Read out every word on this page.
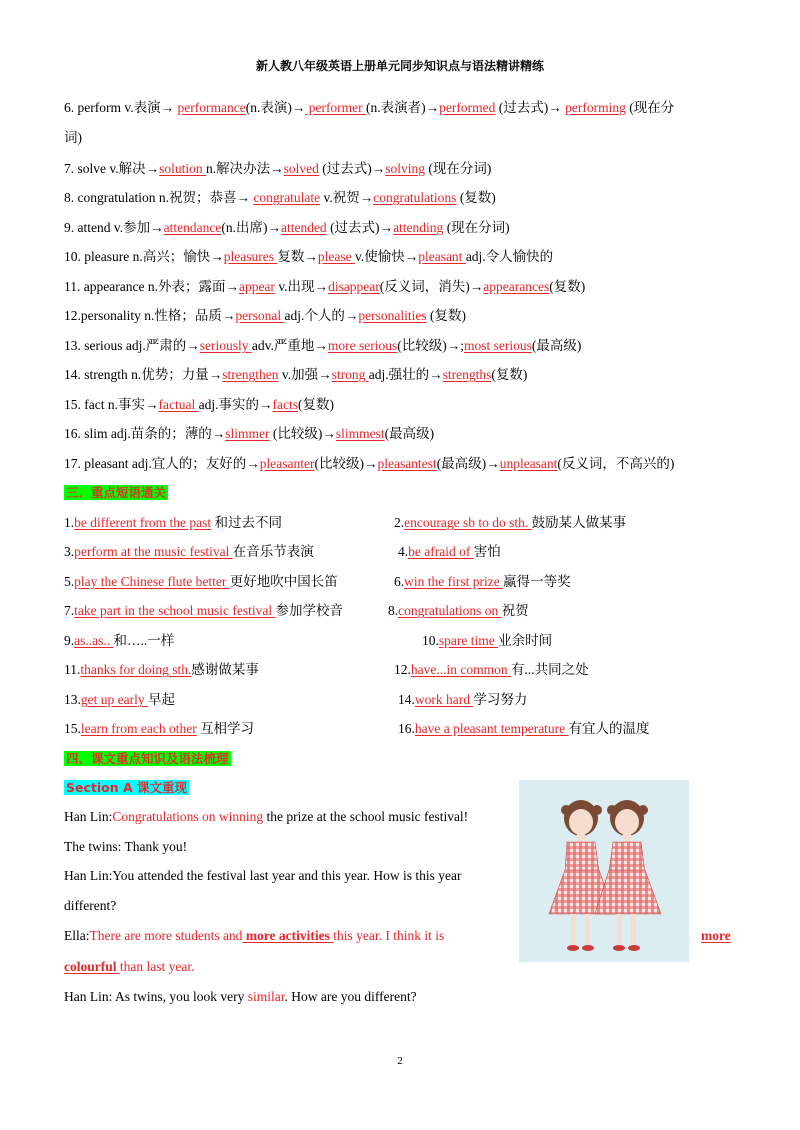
新人教八年级英语上册单元同步知识点与语法精讲精练
6. perform v.表演→ performance(n.表演)→ performer (n.表演者)→performed (过去式)→ performing (现在分
词)
7. solve v.解决→solution n.解决办法→solved (过去式)→solving (现在分词)
8. congratulation n.祝贺；恭喜→ congratulate v.祝贺→congratulations (复数)
9. attend v.参加→attendance(n.出席)→attended (过去式)→attending (现在分词)
10. pleasure n.高兴；愉快→pleasures 复数→please v.使愉快→pleasant adj.令人愉快的
11. appearance n.外表；露面→appear v.出现→disappear(反义词，消失)→appearances(复数)
12.personality n.性格；品质→personal adj.个人的→personalities (复数)
13. serious adj.严肃的→seriously adv.严重地→more serious(比较级)→;most serious(最高级)
14. strength n.优势；力量→strengthen v.加强→strong adj.强壮的→strengths(复数)
15. fact n.事实→factual adj.事实的→facts(复数)
16. slim adj.苗条的；薄的→slimmer (比较级)→slimmest(最高级)
17. pleasant adj.宜人的；友好的→pleasanter(比较级)→pleasantest(最高级)→unpleasant(反义词，不高兴的)
三．重点短语通关
1.be different from the past 和过去不同	2.encourage sb to do sth. 鼓励某人做某事
3.perform at the music festival 在音乐节表演	4.be afraid of 害怕
5.play the Chinese flute better 更好地吹中国长笛	6.win the first prize 赢得一等奖
7.take part in the school music festival 参加学校音	8.congratulations on 祝贺
9.as..as.. 和…..一样	10.spare time 业余时间
11.thanks for doing sth.感谢做某事	12.have...in common 有...共同之处
13.get up early 早起	14.work hard 学习努力
15.learn from each other 互相学习	16.have a pleasant temperature 有宜人的温度
四、课文重点知识及语法梳理
Section A 课文重现
Han Lin:Congratulations on winning the prize at the school music festival!
The twins: Thank you!
Han Lin:You attended the festival last year and this year. How is this year
different?
Ella:There are more students and more activities this year. I think it is	more
colourful than last year.
Han Lin: As twins, you look very similar. How are you different?
2
